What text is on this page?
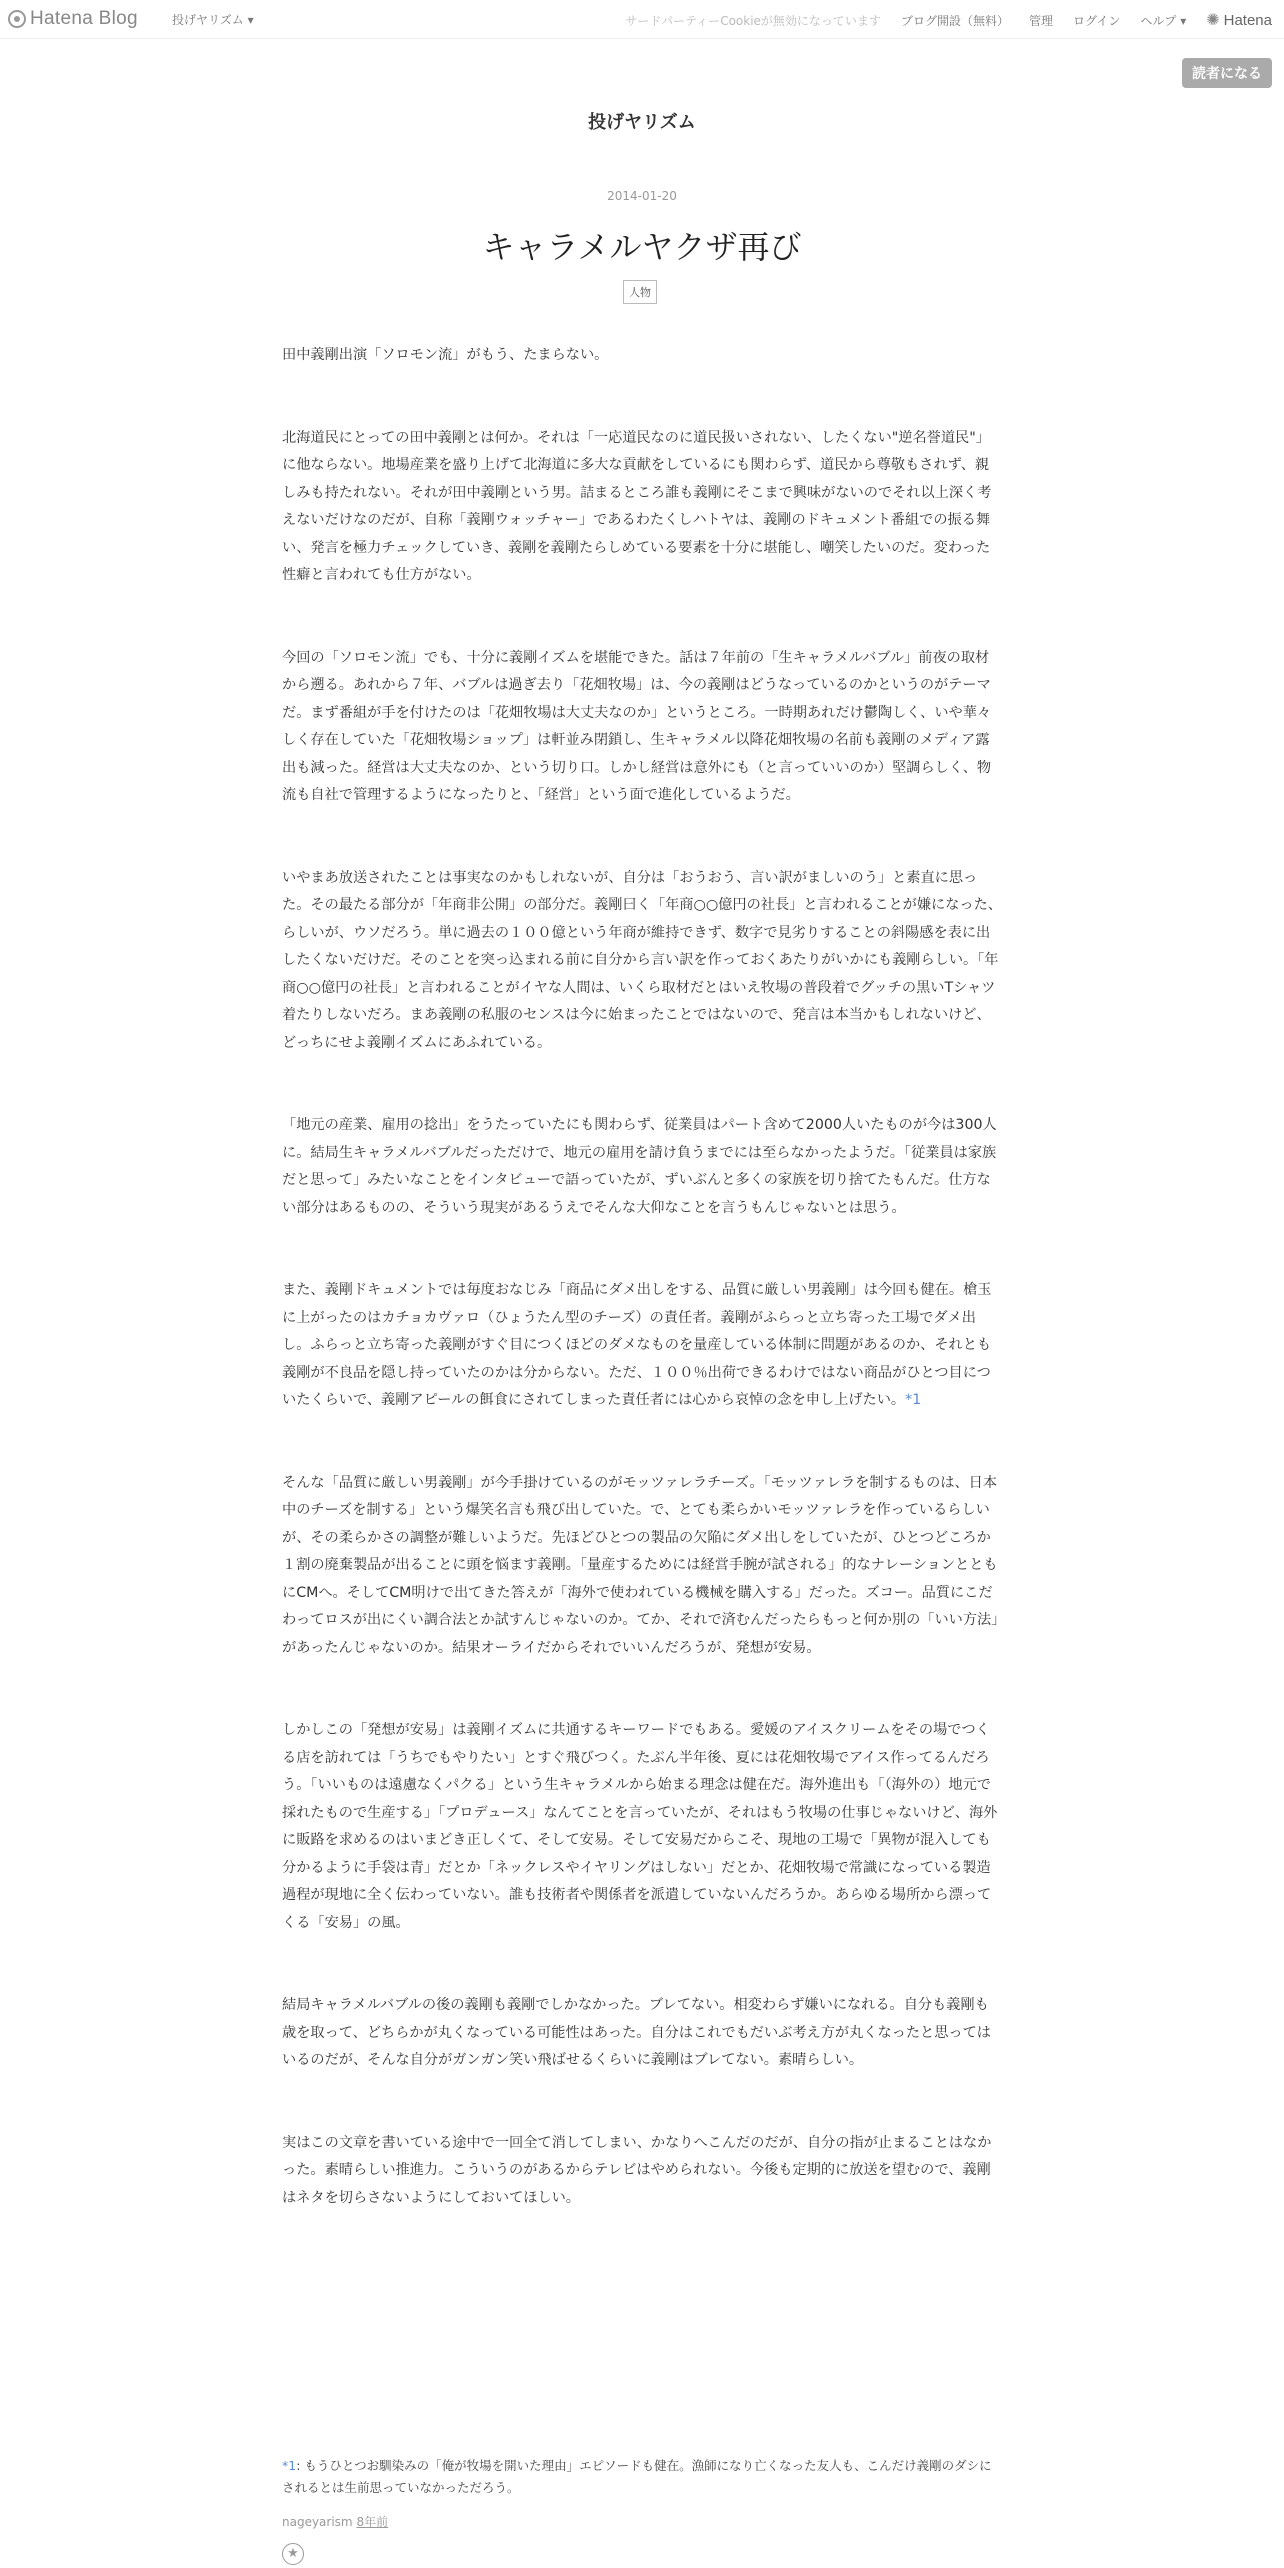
Hatena Blog	投げヤリズム ▾	サードパーティーCookieが無効になっています ブログ開設（無料） 管理 ログイン ヘルプ ▾ ✺ Hatena
読者になる
投げヤリズム
2014-01-20
キャラメルヤクザ再び
人物

田中義剛出演「ソロモン流」がもう、たまらない。

北海道民にとっての田中義剛とは何か。それは「一応道民なのに道民扱いされない、したくない"逆名誉道民"」に他ならない。地場産業を盛り上げて北海道に多大な貢献をしているにも関わらず、道民から尊敬もされず、親しみも持たれない。それが田中義剛という男。詰まるところ誰も義剛にそこまで興味がないのでそれ以上深く考えないだけなのだが、自称「義剛ウォッチャー」であるわたくしハトヤは、義剛のドキュメント番組での振る舞い、発言を極力チェックしていき、義剛を義剛たらしめている要素を十分に堪能し、嘲笑したいのだ。変わった性癖と言われても仕方がない。

今回の「ソロモン流」でも、十分に義剛イズムを堪能できた。話は７年前の「生キャラメルバブル」前夜の取材から遡る。あれから７年、バブルは過ぎ去り「花畑牧場」は、今の義剛はどうなっているのかというのがテーマだ。まず番組が手を付けたのは「花畑牧場は大丈夫なのか」というところ。一時期あれだけ鬱陶しく、いや華々しく存在していた「花畑牧場ショップ」は軒並み閉鎖し、生キャラメル以降花畑牧場の名前も義剛のメディア露出も減った。経営は大丈夫なのか、という切り口。しかし経営は意外にも（と言っていいのか）堅調らしく、物流も自社で管理するようになったりと、「経営」という面で進化しているようだ。

いやまあ放送されたことは事実なのかもしれないが、自分は「おうおう、言い訳がましいのう」と素直に思った。その最たる部分が「年商非公開」の部分だ。義剛曰く「年商○○億円の社長」と言われることが嫌になった、らしいが、ウソだろう。単に過去の１００億という年商が維持できず、数字で見劣りすることの斜陽感を表に出したくないだけだ。そのことを突っ込まれる前に自分から言い訳を作っておくあたりがいかにも義剛らしい。「年商○○億円の社長」と言われることがイヤな人間は、いくら取材だとはいえ牧場の普段着でグッチの黒いTシャツ着たりしないだろ。まあ義剛の私服のセンスは今に始まったことではないので、発言は本当かもしれないけど、どっちにせよ義剛イズムにあふれている。

「地元の産業、雇用の捻出」をうたっていたにも関わらず、従業員はパート含めて2000人いたものが今は300人に。結局生キャラメルバブルだっただけで、地元の雇用を請け負うまでには至らなかったようだ。「従業員は家族だと思って」みたいなことをインタビューで語っていたが、ずいぶんと多くの家族を切り捨てたもんだ。仕方ない部分はあるものの、そういう現実があるうえでそんな大仰なことを言うもんじゃないとは思う。

また、義剛ドキュメントでは毎度おなじみ「商品にダメ出しをする、品質に厳しい男義剛」は今回も健在。槍玉に上がったのはカチョカヴァロ（ひょうたん型のチーズ）の責任者。義剛がふらっと立ち寄った工場でダメ出し。ふらっと立ち寄った義剛がすぐ目につくほどのダメなものを量産している体制に問題があるのか、それとも義剛が不良品を隠し持っていたのかは分からない。ただ、１００％出荷できるわけではない商品がひとつ目についたくらいで、義剛アピールの餌食にされてしまった責任者には心から哀悼の念を申し上げたい。*1

そんな「品質に厳しい男義剛」が今手掛けているのがモッツァレラチーズ。「モッツァレラを制するものは、日本中のチーズを制する」という爆笑名言も飛び出していた。で、とても柔らかいモッツァレラを作っているらしいが、その柔らかさの調整が難しいようだ。先ほどひとつの製品の欠陥にダメ出しをしていたが、ひとつどころか１割の廃棄製品が出ることに頭を悩ます義剛。「量産するためには経営手腕が試される」的なナレーションとともにCMへ。そしてCM明けで出てきた答えが「海外で使われている機械を購入する」だった。ズコー。品質にこだわってロスが出にくい調合法とか試すんじゃないのか。てか、それで済むんだったらもっと何か別の「いい方法」があったんじゃないのか。結果オーライだからそれでいいんだろうが、発想が安易。

しかしこの「発想が安易」は義剛イズムに共通するキーワードでもある。愛媛のアイスクリームをその場でつくる店を訪れては「うちでもやりたい」とすぐ飛びつく。たぶん半年後、夏には花畑牧場でアイス作ってるんだろう。「いいものは遠慮なくパクる」という生キャラメルから始まる理念は健在だ。海外進出も「（海外の）地元で採れたもので生産する」「プロデュース」なんてことを言っていたが、それはもう牧場の仕事じゃないけど、海外に販路を求めるのはいまどき正しくて、そして安易。そして安易だからこそ、現地の工場で「異物が混入しても分かるように手袋は青」だとか「ネックレスやイヤリングはしない」だとか、花畑牧場で常識になっている製造過程が現地に全く伝わっていない。誰も技術者や関係者を派遣していないんだろうか。あらゆる場所から漂ってくる「安易」の風。

結局キャラメルバブルの後の義剛も義剛でしかなかった。ブレてない。相変わらず嫌いになれる。自分も義剛も歳を取って、どちらかが丸くなっている可能性はあった。自分はこれでもだいぶ考え方が丸くなったと思ってはいるのだが、そんな自分がガンガン笑い飛ばせるくらいに義剛はブレてない。素晴らしい。

実はこの文章を書いている途中で一回全て消してしまい、かなりへこんだのだが、自分の指が止まることはなかった。素晴らしい推進力。こういうのがあるからテレビはやめられない。今後も定期的に放送を望むので、義剛はネタを切らさないようにしておいてほしい。

*1: もうひとつお馴染みの「俺が牧場を開いた理由」エピソードも健在。漁師になり亡くなった友人も、こんだけ義剛のダシにされるとは生前思っていなかっただろう。
nageyarism 8年前
★
